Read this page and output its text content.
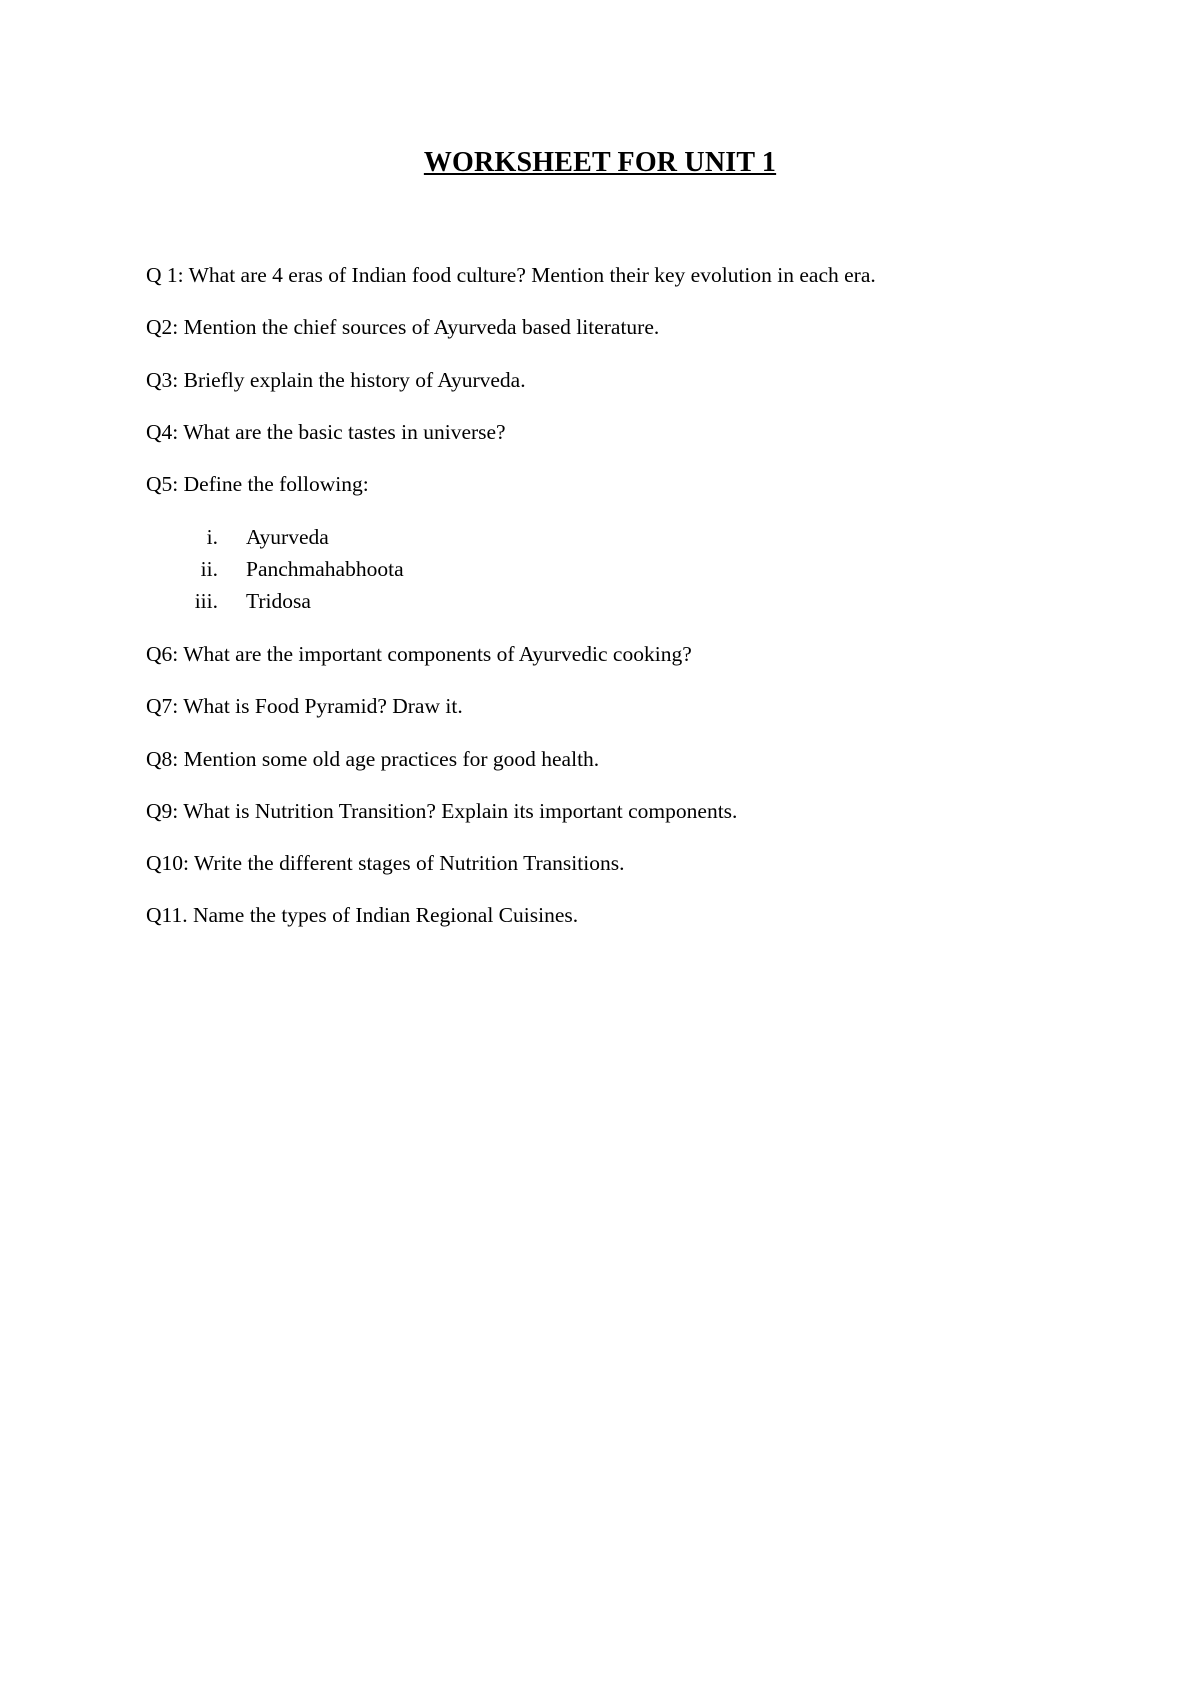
WORKSHEET FOR UNIT 1

Q 1: What are 4 eras of Indian food culture? Mention their key evolution in each era.

Q2: Mention the chief sources of Ayurveda based literature.

Q3: Briefly explain the history of Ayurveda.

Q4: What are the basic tastes in universe?

Q5: Define the following:

i. Ayurveda
ii. Panchmahabhoota
iii. Tridosa

Q6: What are the important components of Ayurvedic cooking?

Q7: What is Food Pyramid? Draw it.

Q8: Mention some old age practices for good health.

Q9: What is Nutrition Transition? Explain its important components.

Q10: Write the different stages of Nutrition Transitions.

Q11. Name the types of Indian Regional Cuisines.
